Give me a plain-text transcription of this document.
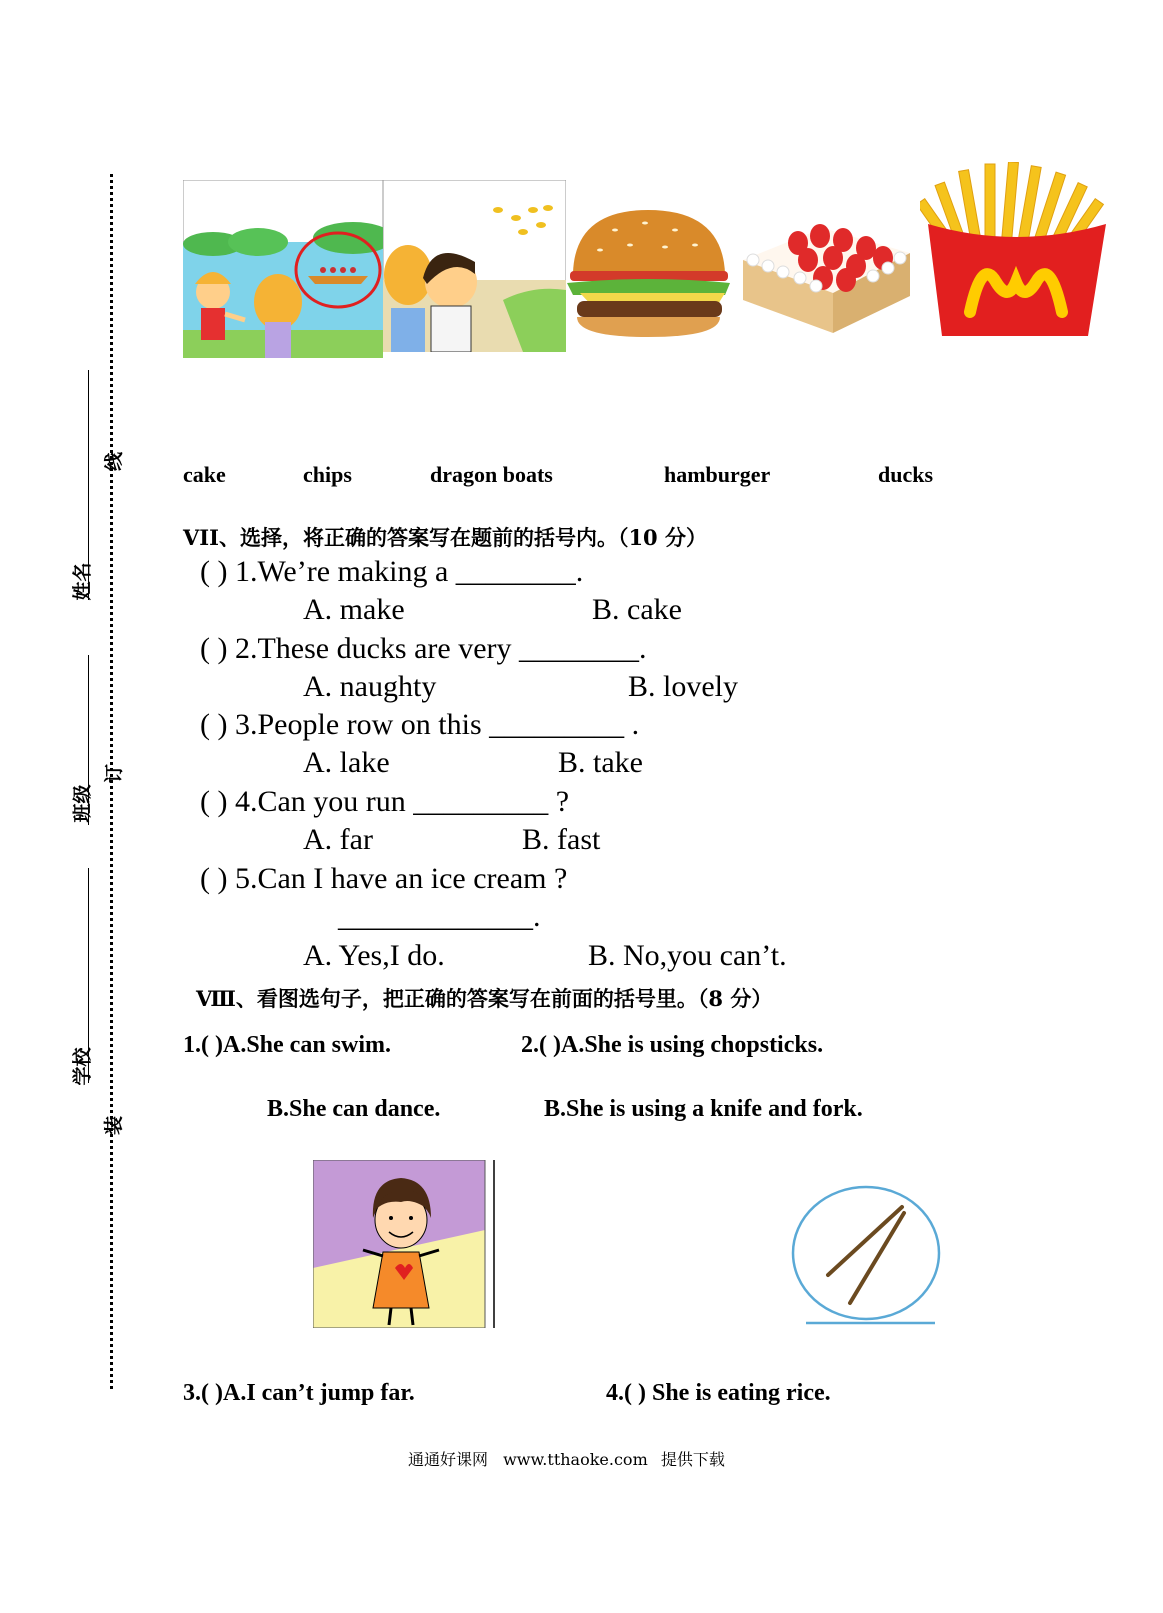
线
订
装
姓名
班级
学校
cake	chips	dragon boats	hamburger	ducks
VII、选择，将正确的答案写在题前的括号内。（10 分）
( ) 1.We’re making a ________.
A. make	B. cake
( ) 2.These ducks are very ________.
A. naughty	B. lovely
( ) 3.People row on this _________ .
A. lake	B. take
( ) 4.Can you run _________ ?
A. far	B. fast
( ) 5.Can I have an ice cream ?
_____________.
A. Yes,I do.	B. No,you can’t.
Ⅷ、看图选句子，把正确的答案写在前面的括号里。（8 分）
1.( )A.She can swim.
B.She can dance.
2.( )A.She is using chopsticks.
B.She is using a knife and fork.
3.( )A.I can’t jump far.	4.( ) She is eating rice.
通通好课网 www.tthaoke.com 提供下载
